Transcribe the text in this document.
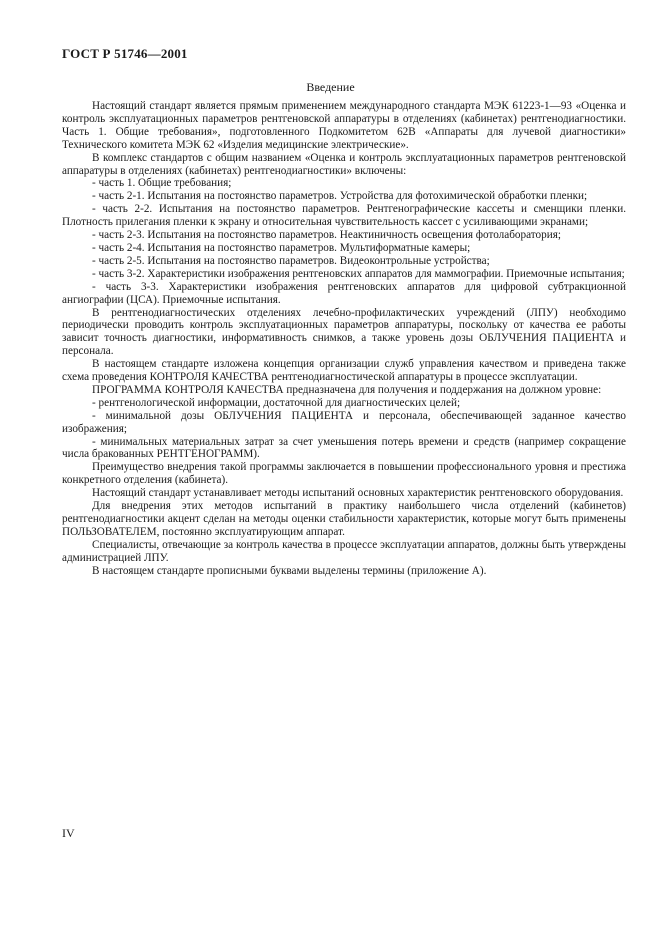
ГОСТ Р 51746—2001
Введение

Настоящий стандарт является прямым применением международного стандарта МЭК 61223-1—93 «Оценка и контроль эксплуатационных параметров рентгеновской аппаратуры в отделениях (кабинетах) рентгенодиагностики. Часть 1. Общие требования», подготовленного Подкомитетом 62В «Аппараты для лучевой диагностики» Технического комитета МЭК 62 «Изделия медицинские электрические».

В комплекс стандартов с общим названием «Оценка и контроль эксплуатационных параметров рентгеновской аппаратуры в отделениях (кабинетах) рентгенодиагностики» включены:

- часть 1. Общие требования;

- часть 2-1. Испытания на постоянство параметров. Устройства для фотохимической обработки пленки;

- часть 2-2. Испытания на постоянство параметров. Рентгенографические кассеты и сменщики пленки. Плотность прилегания пленки к экрану и относительная чувствительность кассет с усиливающими экранами;

- часть 2-3. Испытания на постоянство параметров. Неактиничность освещения фотолаборатория;

- часть 2-4. Испытания на постоянство параметров. Мультиформатные камеры;

- часть 2-5. Испытания на постоянство параметров. Видеоконтрольные устройства;

- часть 3-2. Характеристики изображения рентгеновских аппаратов для маммографии. Приемочные испытания;

- часть 3-3. Характеристики изображения рентгеновских аппаратов для цифровой субтракционной ангиографии (ЦСА). Приемочные испытания.

В рентгенодиагностических отделениях лечебно-профилактических учреждений (ЛПУ) необходимо периодически проводить контроль эксплуатационных параметров аппаратуры, поскольку от качества ее работы зависит точность диагностики, информативность снимков, а также уровень дозы ОБЛУЧЕНИЯ ПАЦИЕНТА и персонала.

В настоящем стандарте изложена концепция организации служб управления качеством и приведена также схема проведения КОНТРОЛЯ КАЧЕСТВА рентгенодиагностической аппаратуры в процессе эксплуатации.

ПРОГРАММА КОНТРОЛЯ КАЧЕСТВА предназначена для получения и поддержания на должном уровне:

- рентгенологической информации, достаточной для диагностических целей;

- минимальной дозы ОБЛУЧЕНИЯ ПАЦИЕНТА и персонала, обеспечивающей заданное качество изображения;

- минимальных материальных затрат за счет уменьшения потерь времени и средств (например сокращение числа бракованных РЕНТГЕНОГРАММ).

Преимущество внедрения такой программы заключается в повышении профессионального уровня и престижа конкретного отделения (кабинета).

Настоящий стандарт устанавливает методы испытаний основных характеристик рентгеновского оборудования.

Для внедрения этих методов испытаний в практику наибольшего числа отделений (кабинетов) рентгенодиагностики акцент сделан на методы оценки стабильности характеристик, которые могут быть применены ПОЛЬЗОВАТЕЛЕМ, постоянно эксплуатирующим аппарат.

Специалисты, отвечающие за контроль качества в процессе эксплуатации аппаратов, должны быть утверждены администрацией ЛПУ.

В настоящем стандарте прописными буквами выделены термины (приложение А).

IV
